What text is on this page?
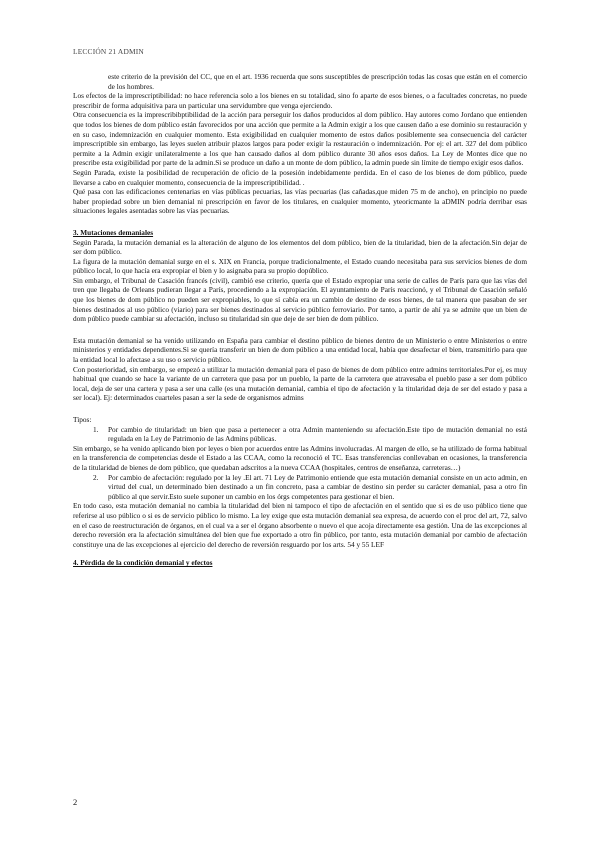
LECCIÓN 21 ADMIN

este criterio de la previsión del CC, que en el art. 1936 recuerda que sons susceptibles de prescripción todas las cosas que están en el comercio de los hombres.

Los efectos de la imprescriptibilidad: no hace referencia solo a los bienes en su totalidad, sino fo aparte de esos bienes, o a facultades concretas, no puede prescribir de forma adquisitiva para un particular una servidumbre que venga ejerciendo.

Otra consecuencia es la imprescribibptibilidad de la acción para perseguir los daños producidos al dom público. Hay autores como Jordano que entienden que todos los bienes de dom público están favorecidos por una acción que permite a la Admin exigir a los que causen daño a ese dominio su restauración y en su caso, indemnización en cualquier momento. Esta exigibilidad en cualquier momento de estos daños posiblemente sea consecuencia del carácter imprescriptible sin embargo, las leyes suelen atribuir plazos largos para poder exigir la restauración o indemnización. Por ej: el art. 327 del dom público permite a la Admin exigir unilateralmente a los que han causado daños al dom público durante 30 años esos daños. La Ley de Montes dice que no prescribe esta exigibilidad por parte de la admin.Si se produce un daño a un monte de dom público, la admin puede sin límite de tiempo exigir esos daños.

Según Parada, existe la posibilidad de recuperación de oficio de la posesión indebidamente perdida. En el caso de los bienes de dom público, puede llevarse a cabo en cualquier momento, consecuencia de la imprescriptibilidad. .

Qué pasa con las edificaciones centenarias en vías públicas pecuarias, las vías pecuarias (las cañadas,que miden 75 m de ancho), en principio no puede haber propiedad sobre un bien demanial ni prescripción en favor de los titulares, en cualquier momento, yteoricmante la aDMIN podría derribar esas situaciones legales asentadas sobre las vías pecuarias.

3. Mutaciones demaniales

Según Parada, la mutación demanial es la alteración de alguno de los elementos del dom público, bien de la titularidad, bien de la afectación.Sin dejar de ser dom público.

La figura de la mutación demanial surge en el s. XIX en Francia, porque tradicionalmente, el Estado cuando necesitaba para sus servicios bienes de dom público local, lo que hacía era expropiar el bien y lo asignaba para su propio dopúblico.

Sin embargo, el Tribunal de Casación francés (civil), cambió ese criterio, quería que el Estado expropiar una serie de calles de París para que las vías del tren que llegaba de Orleans pudieran llegar a París, procediendo a la expropiación. El ayuntamiento de París reaccionó, y el Tribunal de Casación señaló que los bienes de dom público no pueden ser expropiables, lo que sí cabía era un cambio de destino de esos bienes, de tal manera que pasaban de ser bienes destinados al uso público (viario) para ser bienes destinados al servicio público ferroviario. Por tanto, a partir de ahí ya se admite que un bien de dom público puede cambiar su afectación, incluso su titularidad sin que deje de ser bien de dom público.

Esta mutación demanial se ha venido utilizando en España para cambiar el destino público de bienes dentro de un Ministerio o entre Ministerios o entre ministerios y entidades dependientes.Si se quería transferir un bien de dom público a una entidad local, había que desafectar el bien, transmitirlo para que la entidad local lo afectase a su uso o servicio público.

Con posterioridad, sin embargo, se empezó a utilizar la mutación demanial para el paso de bienes de dom público entre admins territoriales.Por ej, es muy habitual que cuando se hace la variante de un carretera que pasa por un pueblo, la parte de la carretera que atravesaba el pueblo pase a ser dom público local, deja de ser una cartera y pasa a ser una calle (es una mutación demanial, cambia el tipo de afectación y la titularidad deja de ser del estado y pasa a ser local). Ej: determinados cuarteles pasan a ser la sede de organismos admins

Tipos:

1. Por cambio de titularidad: un bien que pasa a pertenecer a otra Admin manteniendo su afectación.Este tipo de mutación demanial no está regulada en la Ley de Patrimonio de las Admins públicas.

Sin embargo, se ha venido aplicando bien por leyes o bien por acuerdos entre las Admins involucradas. Al margen de ello, se ha utilizado de forma habitual en la transferencia de competencias desde el Estado a las CCAA, como la reconoció el TC. Esas transferencias conllevaban en ocasiones, la transferencia de la titularidad de bienes de dom público, que quedaban adscritos a la nueva CCAA (hospitales, centros de enseñanza, carreteras…)

2. Por cambio de afectación: regulado por la ley .El art. 71 Ley de Patrimonio entiende que esta mutación demanial consiste en un acto admin, en virtud del cual, un determinado bien destinado a un fin concreto, pasa a cambiar de destino sin perder su carácter demanial, pasa a otro fin público al que servir.Esto suele suponer un cambio en los órgs competentes para gestionar el bien.

En todo caso, esta mutación demanial no cambia la titularidad del bien ni tampoco el tipo de afectación en el sentido que si es de uso público tiene que referirse al uso público o si es de servicio público lo mismo. La ley exige que esta mutación demanial sea expresa, de acuerdo con el proc del art, 72, salvo en el caso de reestructuración de órganos, en el cual va a ser el órgano absorbente o nuevo el que acoja directamente esa gestión. Una de las excepciones al derecho reversión era la afectación simultánea del bien que fue exportado a otro fin público, por tanto, esta mutación demanial por cambio de afectación constituye una de las excepciones al ejercicio del derecho de reversión resguardo por los arts. 54 y 55 LEF

4. Pérdida de la condición demanial y efectos

2
